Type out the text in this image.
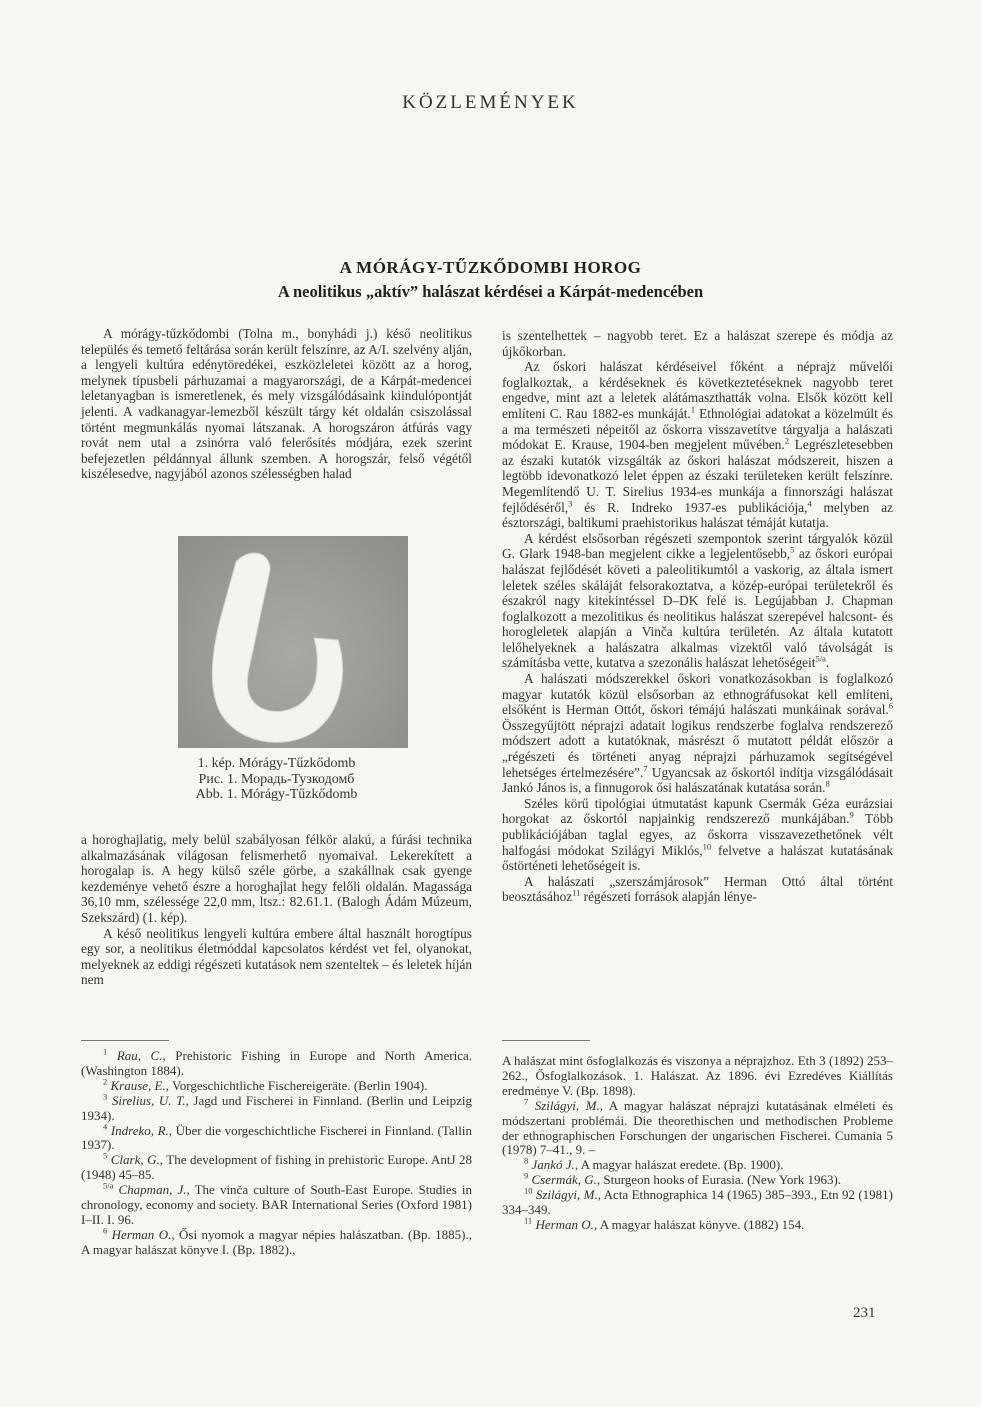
KÖZLEMÉNYEK
A MÓRÁGY-TŰZKŐDOMBI HOROG
A neolitikus „aktív” halászat kérdései a Kárpát-medencében

A mórágy-tűzkődombi (Tolna m., bonyhádi j.) késő neolitikus település és temető feltárása során került felszínre, az A/I. szelvény alján, a lengyeli kultúra edénytöredékei, eszközleletei között az a horog, melynek típusbeli párhuzamai a magyarországi, de a Kárpát-medencei leletanyagban is ismeretlenek, és mely vizsgálódásaink kiindulópontját jelenti. A vadkanagyar-lemezből készült tárgy két oldalán csiszolással történt megmunkálás nyomai látszanak. A horogszáron átfúrás vagy rovát nem utal a zsinórra való felerősítés módjára, ezek szerint befejezetlen példánnyal állunk szemben. A horogszár, felső végétől kiszélesedve, nagyjából azonos szélességben halad

1. kép. Mórágy-Tűzkődomb
Рис. 1. Морадь-Тузкодомб
Abb. 1. Mórágy-Tűzkődomb

a horoghajlatig, mely belül szabályosan félkör alakú, a fúrási technika alkalmazásának világosan felismerhető nyomaival. Lekerekített a horogalap is. A hegy külső széle görbe, a szakállnak csak gyenge kezdeménye vehető észre a horoghajlat hegy felőli oldalán. Magassága 36,10 mm, szélessége 22,0 mm, ltsz.: 82.61.1. (Balogh Ádám Múzeum, Szekszárd) (1. kép).

A késő neolitikus lengyeli kultúra embere által használt horogtípus egy sor, a neolitikus életmóddal kapcsolatos kérdést vet fel, olyanokat, melyeknek az eddigi régészeti kutatások nem szenteltek – és leletek híján nem

is szentelhettek – nagyobb teret. Ez a halászat szerepe és módja az újkőkorban.

Az őskori halászat kérdéseivel főként a néprajz művelői foglalkoztak, a kérdéseknek és következtetéseknek nagyobb teret engedve, mint azt a leletek alátámaszthatták volna. Elsők között kell említeni C. Rau 1882-es munkáját.$^1$ Ethnológiai adatokat a közelmúlt és a ma természeti népeitől az őskorra visszavetítve tárgyalja a halászati módokat E. Krause, 1904-ben megjelent művében.$^2$ Legrészletesebben az északi kutatók vizsgálták az őskori halászat módszereit, hiszen a legtöbb idevonatkozó lelet éppen az északi területeken került felszínre. Megemlítendő U. T. Sirelius 1934-es munkája a finnországi halászat fejlődéséről,$^3$ és R. Indreko 1937-es publikációja,$^4$ melyben az észtországi, baltikumi praehistorikus halászat témáját kutatja.

A kérdést elsősorban régészeti szempontok szerint tárgyalók közül G. Glark 1948-ban megjelent cikke a legjelentősebb,$^5$ az őskori európai halászat fejlődését követi a paleolitikumtól a vaskorig, az általa ismert leletek széles skáláját felsorakoztatva, a közép-európai területekről és északról nagy kitekintéssel D–DK felé is. Legújabban J. Chapman foglalkozott a mezolitikus és neolitikus halászat szerepével halcsont- és horogleletek alapján a Vinča kultúra területén. Az általa kutatott lelőhelyeknek a halászatra alkalmas vizektől való távolságát is számításba vette, kutatva a szezonális halászat lehetőségeit$^{5/a}$.

A halászati módszerekkel őskori vonatkozásokban is foglalkozó magyar kutatók közül elsősorban az ethnográfusokat kell említeni, elsőként is Herman Ottót, őskori témájú halászati munkáinak sorával.$^6$ Összegyűjtött néprajzi adatait logikus rendszerbe foglalva rendszerező módszert adott a kutatóknak, másrészt ő mutatott példát először a „régészeti és történeti anyag néprajzi párhuzamok segítségével lehetséges értelmezésére”.$^7$ Ugyancsak az őskortól indítja vizsgálódásait Jankó János is, a finnugorok ősi halászatának kutatása során.$^8$

Széles körű tipológiai útmutatást kapunk Csermák Géza eurázsiai horgokat az őskortól napjainkig rendszerező munkájában.$^9$ Több publikációjában taglal egyes, az őskorra visszavezethetőnek vélt halfogási módokat Szilágyi Miklós,$^{10}$ felvetve a halászat kutatásának őstörténeti lehetőségeit is.

A halászati „szerszámjárosok” Herman Ottó által történt beosztásához$^{11}$ régészeti források alapján lénye-

$^1$ Rau, C., Prehistoric Fishing in Europe and North America. (Washington 1884).

$^2$ Krause, E., Vorgeschichtliche Fischereigeräte. (Berlin 1904).

$^3$ Sirelius, U. T., Jagd und Fischerei in Finnland. (Berlin und Leipzig 1934).

$^4$ Indreko, R., Über die vorgeschichtliche Fischerei in Finnland. (Tallin 1937).

$^5$ Clark, G., The development of fishing in prehistoric Europe. AntJ 28 (1948) 45–85.

$^{5/a}$ Chapman, J., The vinča culture of South-East Europe. Studies in chronology, economy and society. BAR International Series (Oxford 1981) I–II. I. 96.

$^6$ Herman O., Ősi nyomok a magyar népies halászatban. (Bp. 1885)., A magyar halászat könyve I. (Bp. 1882).,

A halászat mint ősfoglalkozás és viszonya a néprajzhoz. Eth 3 (1892) 253–262., Ősfoglalkozások. 1. Halászat. Az 1896. évi Ezredéves Kiállítás eredménye V. (Bp. 1898).

$^7$ Szilágyi, M., A magyar halászat néprajzi kutatásának elméleti és módszertani problémái. Die theorethischen und methodischen Probleme der ethnographischen Forschungen der ungarischen Fischerei. Cumania 5 (1978) 7–41., 9. –

$^8$ Jankó J., A magyar halászat eredete. (Bp. 1900).

$^9$ Csermák, G., Sturgeon hooks of Eurasia. (New York 1963).

$^{10}$ Szilágyi, M., Acta Ethnographica 14 (1965) 385–393., Etn 92 (1981) 334–349.

$^{11}$ Herman O., A magyar halászat könyve. (1882) 154.

231
